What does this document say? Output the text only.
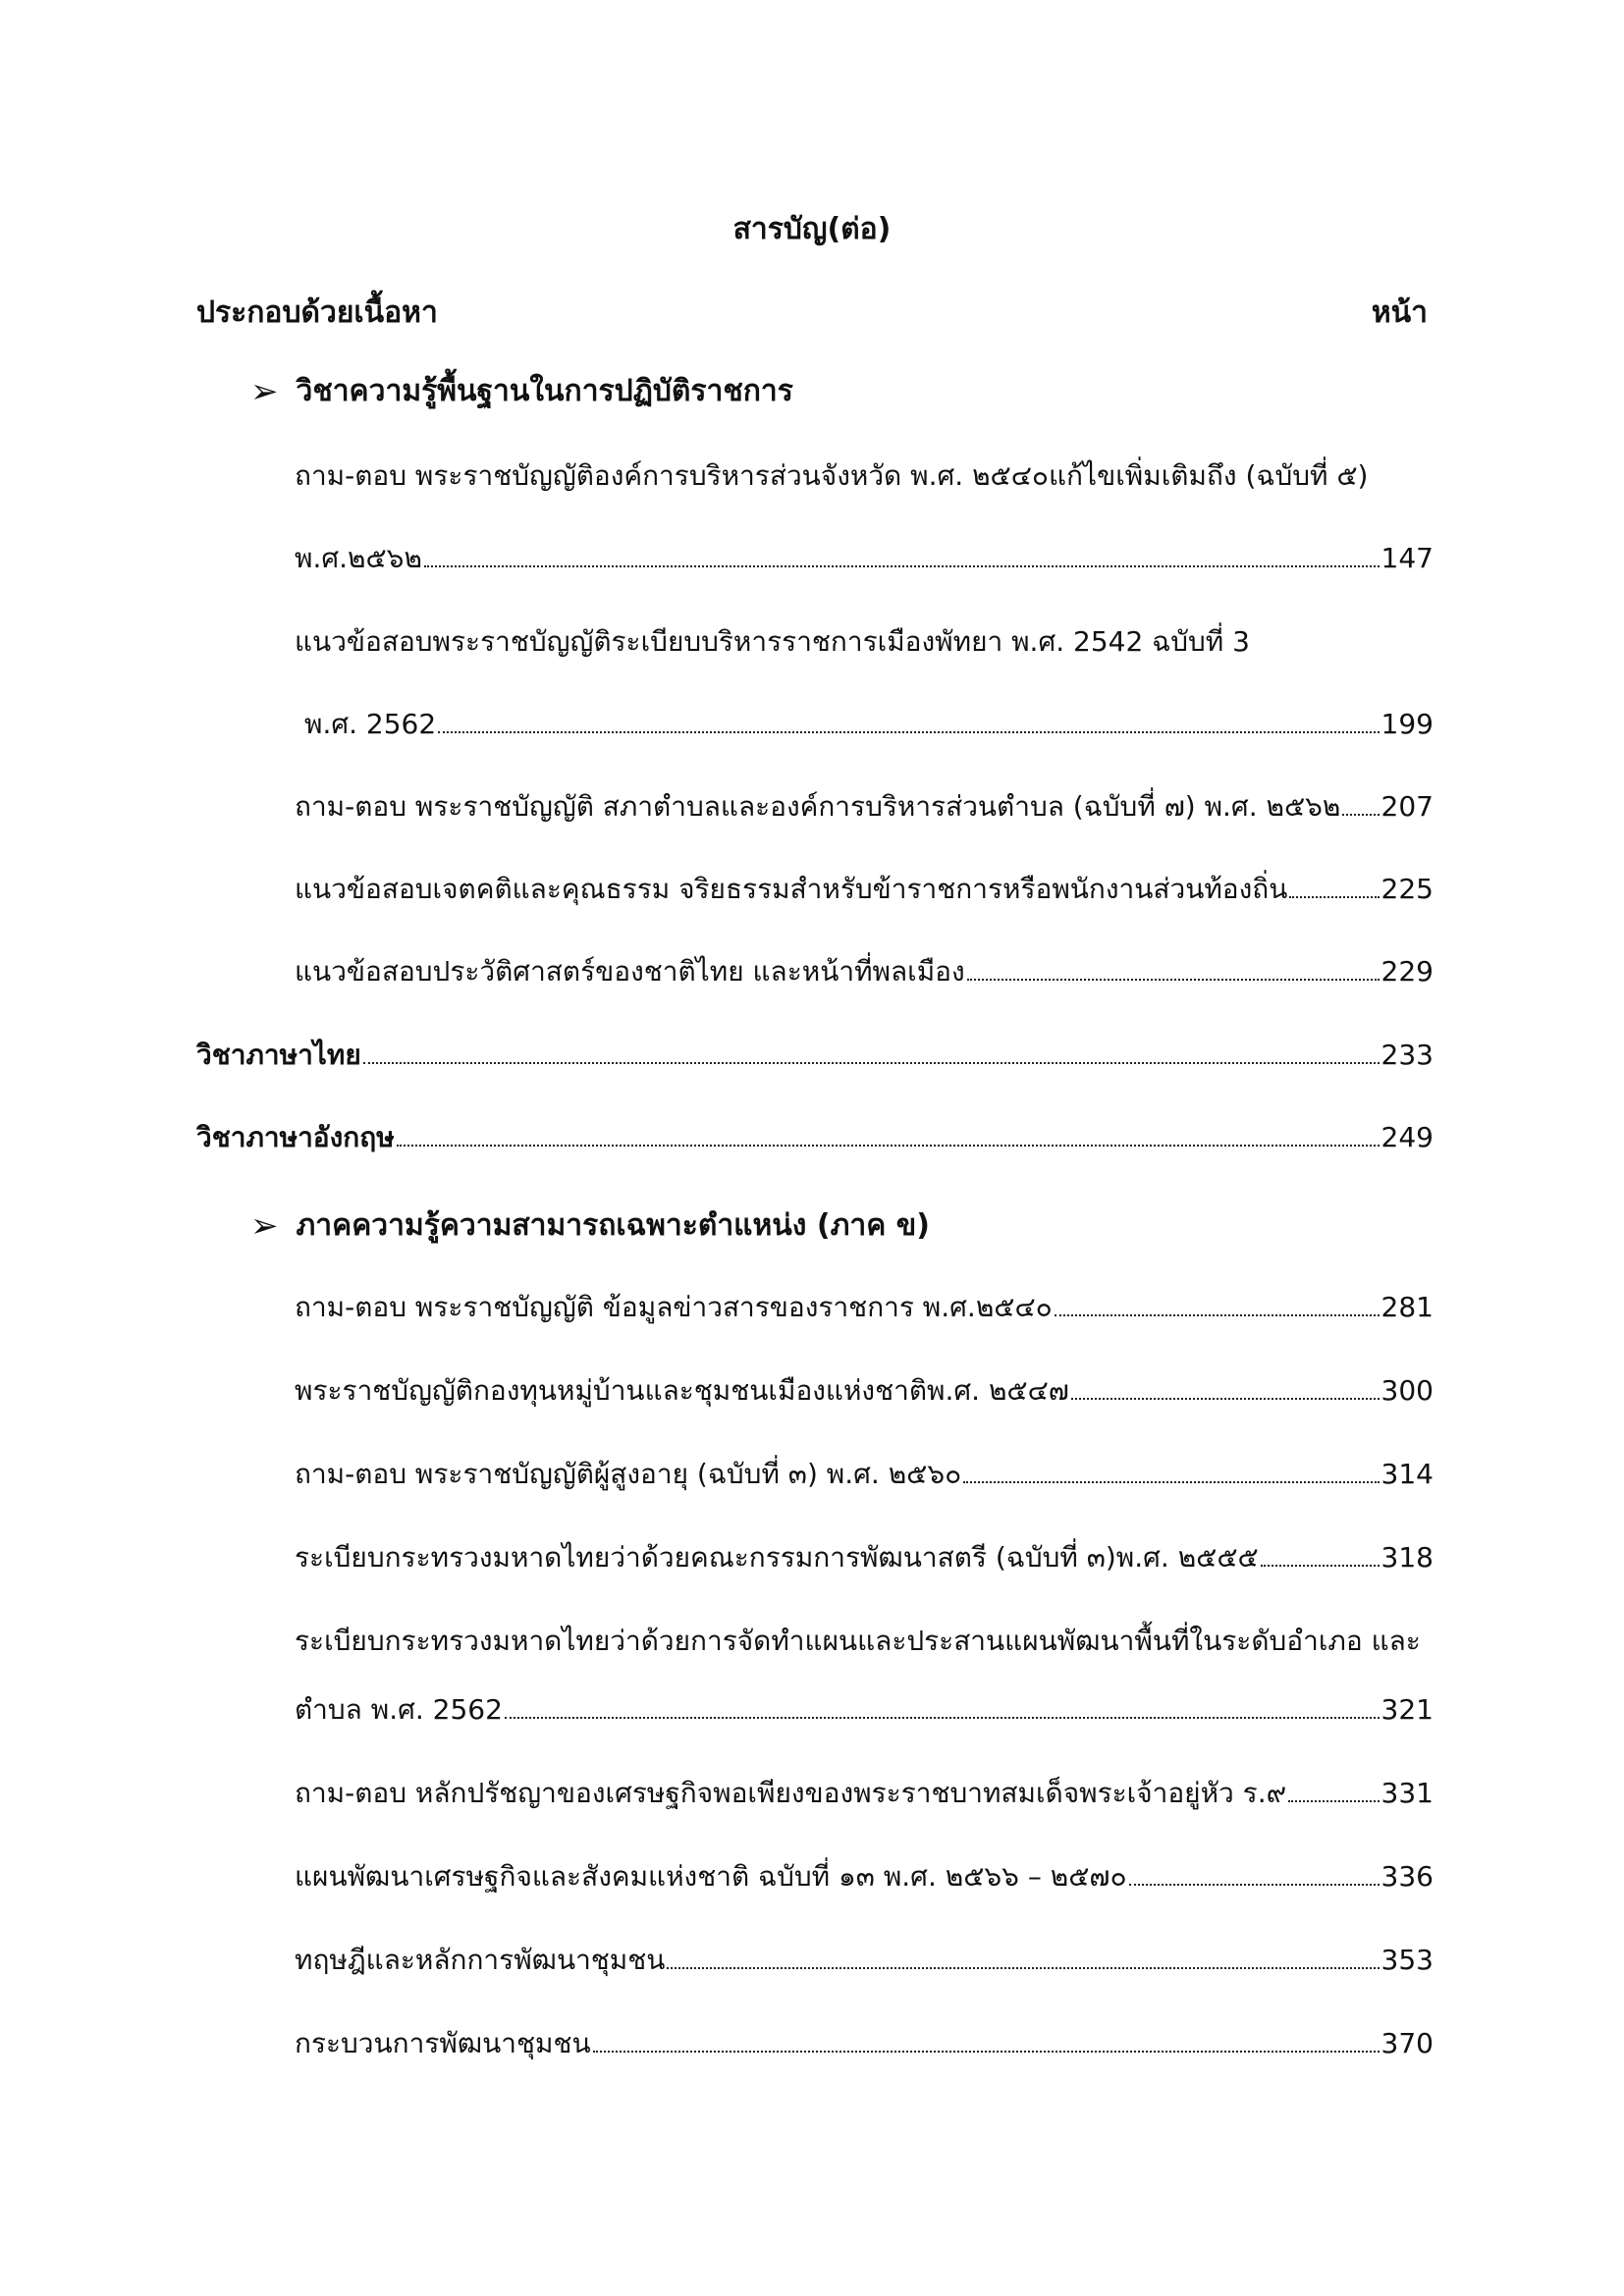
สารบัญ(ต่อ)
ประกอบด้วยเนื้อหา	หน้า
➢ วิชาความรู้พื้นฐานในการปฏิบัติราชการ
ถาม-ตอบ พระราชบัญญัติองค์การบริหารส่วนจังหวัด พ.ศ. ๒๕๔๐แก้ไขเพิ่มเติมถึง (ฉบับที่ ๕)
พ.ศ.๒๕๖๒	147
แนวข้อสอบพระราชบัญญัติระเบียบบริหารราชการเมืองพัทยา พ.ศ. 2542 ฉบับที่ 3
พ.ศ. 2562	199
ถาม-ตอบ พระราชบัญญัติ สภาตำบลและองค์การบริหารส่วนตำบล (ฉบับที่ ๗) พ.ศ. ๒๕๖๒ 207
แนวข้อสอบเจตคติและคุณธรรม จริยธรรมสำหรับข้าราชการหรือพนักงานส่วนท้องถิ่น	225
แนวข้อสอบประวัติศาสตร์ของชาติไทย และหน้าที่พลเมือง	229
วิชาภาษาไทย	233
วิชาภาษาอังกฤษ	249
➢ ภาคความรู้ความสามารถเฉพาะตำแหน่ง (ภาค ข)
ถาม-ตอบ พระราชบัญญัติ ข้อมูลข่าวสารของราชการ พ.ศ.๒๕๔๐	281
พระราชบัญญัติกองทุนหมู่บ้านและชุมชนเมืองแห่งชาติพ.ศ. ๒๕๔๗	300
ถาม-ตอบ พระราชบัญญัติผู้สูงอายุ (ฉบับที่ ๓) พ.ศ. ๒๕๖๐	314
ระเบียบกระทรวงมหาดไทยว่าด้วยคณะกรรมการพัฒนาสตรี (ฉบับที่ ๓)พ.ศ. ๒๕๕๕	318
ระเบียบกระทรวงมหาดไทยว่าด้วยการจัดทำแผนและประสานแผนพัฒนาพื้นที่ในระดับอำเภอ และ
ตำบล พ.ศ. 2562	321
ถาม-ตอบ หลักปรัชญาของเศรษฐกิจพอเพียงของพระราชบาทสมเด็จพระเจ้าอยู่หัว ร.๙	331
แผนพัฒนาเศรษฐกิจและสังคมแห่งชาติ ฉบับที่ ๑๓ พ.ศ. ๒๕๖๖ – ๒๕๗๐	336
ทฤษฎีและหลักการพัฒนาชุมชน	353
กระบวนการพัฒนาชุมชน	370
